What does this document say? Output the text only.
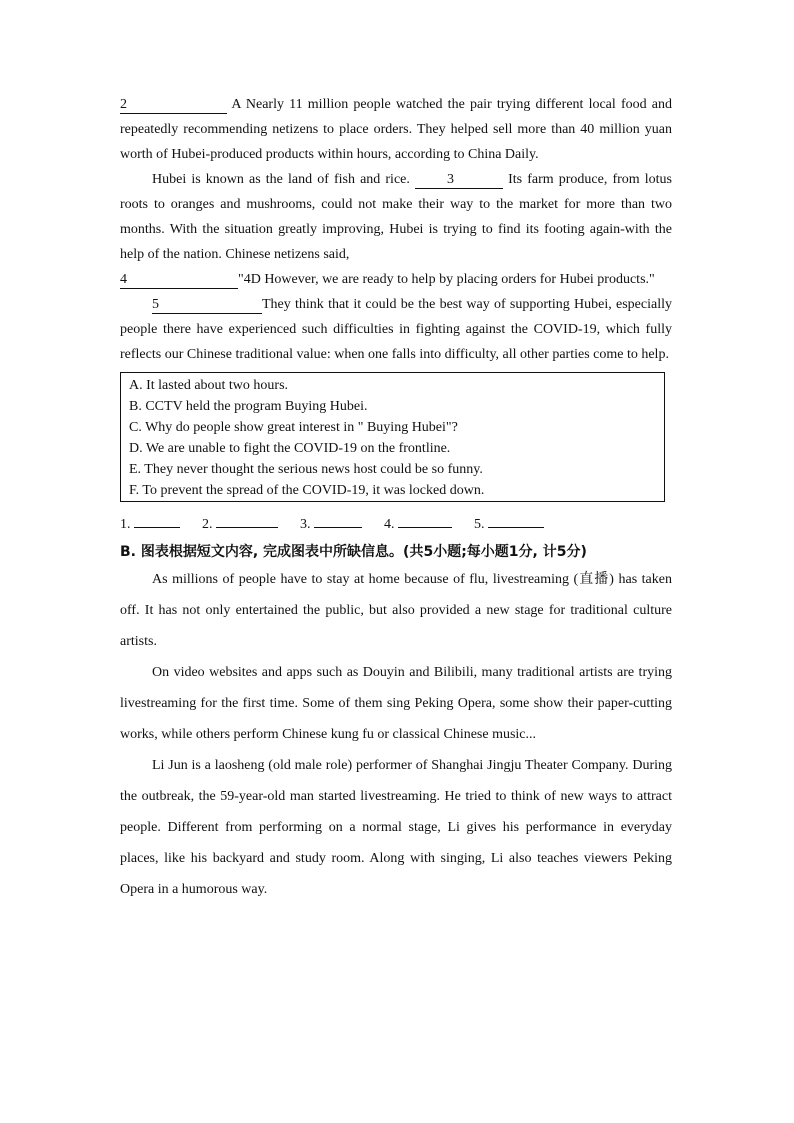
2	A Nearly 11 million people watched the pair trying different local food and repeatedly recommending netizens to place orders. They helped sell more than 40 million yuan worth of Hubei-produced products within hours, according to China Daily.

Hubei is known as the land of fish and rice. 3	Its farm produce, from lotus roots to oranges and mushrooms, could not make their way to the market for more than two months. With the situation greatly improving, Hubei is trying to find its footing again-with the help of the nation. Chinese netizens said,

4	"4D However, we are ready to help by placing orders for Hubei products."

5	They think that it could be the best way of supporting Hubei, especially people there have experienced such difficulties in fighting against the COVID-19, which fully reflects our Chinese traditional value: when one falls into difficulty, all other parties come to help.

A. It lasted about two hours.
B. CCTV held the program Buying Hubei.
C. Why do people show great interest in " Buying Hubei"?
D. We are unable to fight the COVID-19 on the frontline.
E. They never thought the serious news host could be so funny.
F. To prevent the spread of the COVID-19, it was locked down.
1.	2.	3.	4.	5.
B. 图表根据短文内容, 完成图表中所缺信息。(共5小题;每小题1分, 计5分)

As millions of people have to stay at home because of flu, livestreaming (直播) has taken off. It has not only entertained the public, but also provided a new stage for traditional culture artists.

On video websites and apps such as Douyin and Bilibili, many traditional artists are trying livestreaming for the first time. Some of them sing Peking Opera, some show their paper-cutting works, while others perform Chinese kung fu or classical Chinese music...

Li Jun is a laosheng (old male role) performer of Shanghai Jingju Theater Company. During the outbreak, the 59-year-old man started livestreaming. He tried to think of new ways to attract people. Different from performing on a normal stage, Li gives his performance in everyday places, like his backyard and study room. Along with singing, Li also teaches viewers Peking Opera in a humorous way.
